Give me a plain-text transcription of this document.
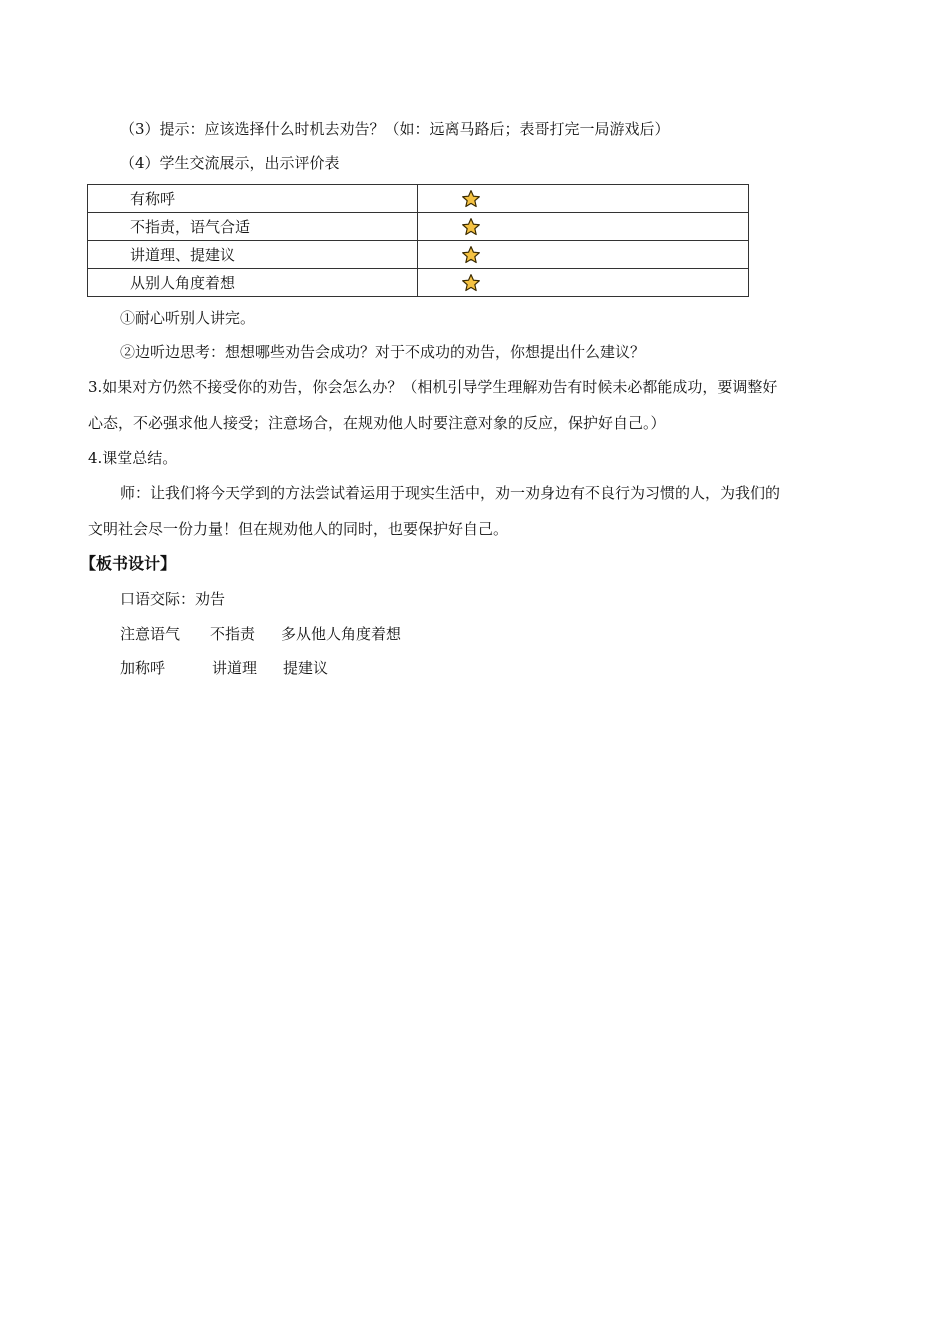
（3）提示：应该选择什么时机去劝告？（如：远离马路后；表哥打完一局游戏后）
（4）学生交流展示，出示评价表
有称呼	
不指责，语气合适	
讲道理、提建议	
从别人角度着想	
①耐心听别人讲完。
②边听边思考：想想哪些劝告会成功？对于不成功的劝告，你想提出什么建议？
3.如果对方仍然不接受你的劝告，你会怎么办？（相机引导学生理解劝告有时候未必都能成功，要调整好
心态，不必强求他人接受；注意场合，在规劝他人时要注意对象的反应，保护好自己。）
4.课堂总结。
师：让我们将今天学到的方法尝试着运用于现实生活中，劝一劝身边有不良行为习惯的人，为我们的
文明社会尽一份力量！但在规劝他人的同时，也要保护好自己。
【板书设计】
口语交际：劝告
注意语气 不指责 多从他人角度着想
加称呼	讲道理 提建议
